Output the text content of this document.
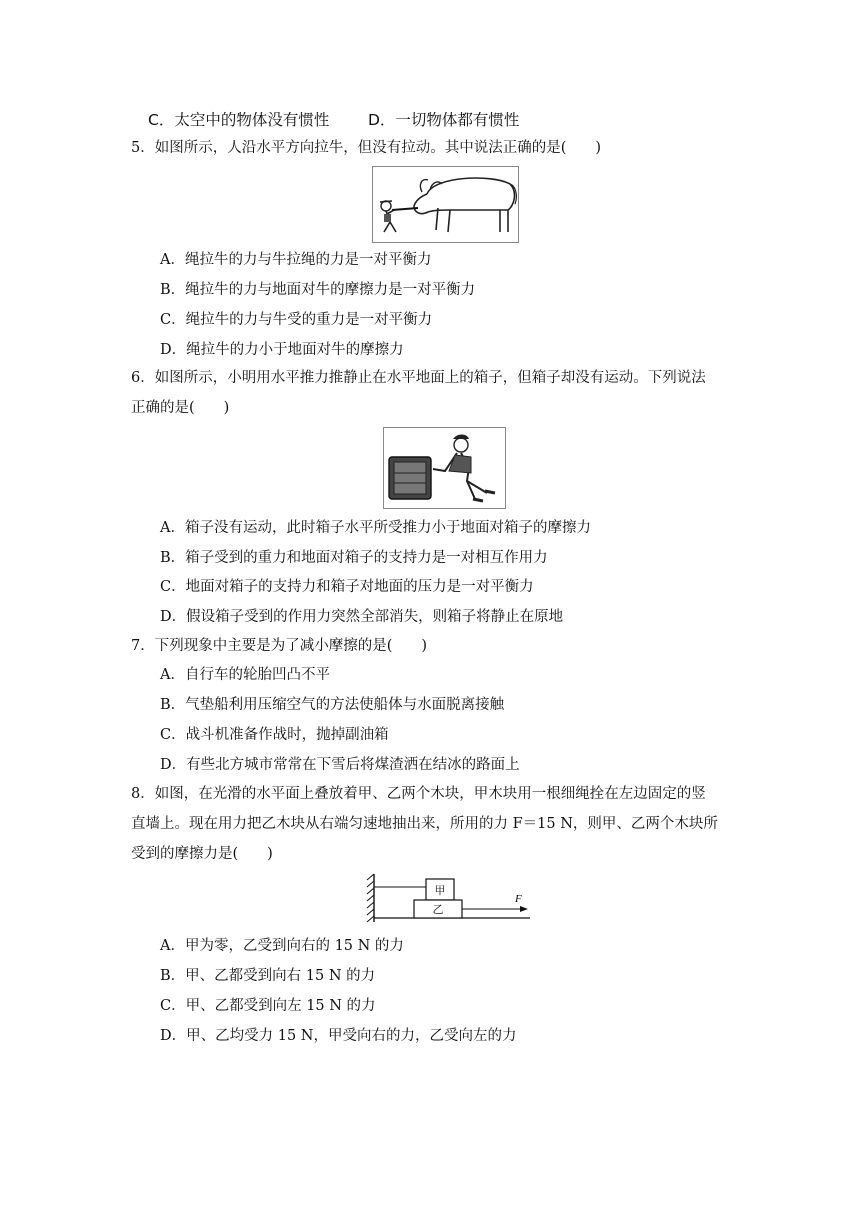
C．太空中的物体没有惯性 D．一切物体都有惯性
5．如图所示，人沿水平方向拉牛，但没有拉动。其中说法正确的是(　　)
A．绳拉牛的力与牛拉绳的力是一对平衡力
B．绳拉牛的力与地面对牛的摩擦力是一对平衡力
C．绳拉牛的力与牛受的重力是一对平衡力
D．绳拉牛的力小于地面对牛的摩擦力
6．如图所示，小明用水平推力推静止在水平地面上的箱子，但箱子却没有运动。下列说法
正确的是(　　)
A．箱子没有运动，此时箱子水平所受推力小于地面对箱子的摩擦力
B．箱子受到的重力和地面对箱子的支持力是一对相互作用力
C．地面对箱子的支持力和箱子对地面的压力是一对平衡力
D．假设箱子受到的作用力突然全部消失，则箱子将静止在原地
7．下列现象中主要是为了减小摩擦的是(　　)
A．自行车的轮胎凹凸不平
B．气垫船利用压缩空气的方法使船体与水面脱离接触
C．战斗机准备作战时，抛掉副油箱
D．有些北方城市常常在下雪后将煤渣洒在结冰的路面上
8．如图，在光滑的水平面上叠放着甲、乙两个木块，甲木块用一根细绳拴在左边固定的竖
直墙上。现在用力把乙木块从右端匀速地抽出来，所用的力 F＝15 N，则甲、乙两个木块所
受到的摩擦力是(　　)
甲
乙
F
A．甲为零，乙受到向右的 15 N 的力
B．甲、乙都受到向右 15 N 的力
C．甲、乙都受到向左 15 N 的力
D．甲、乙均受力 15 N，甲受向右的力，乙受向左的力
